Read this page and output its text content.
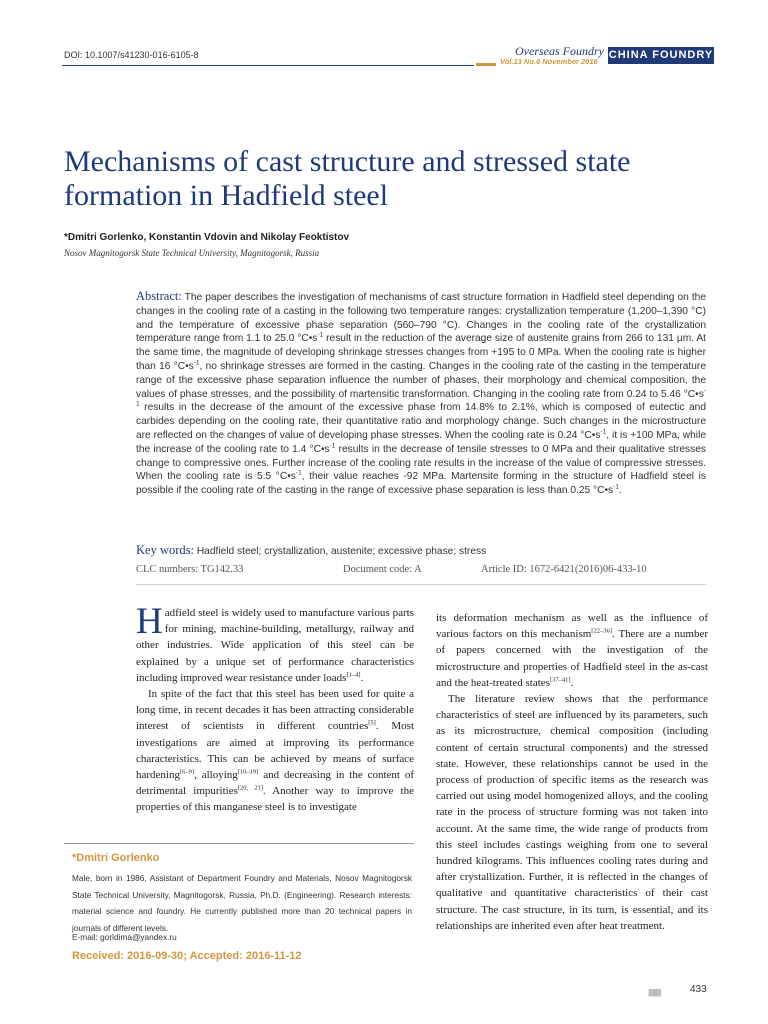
DOI: 10.1007/s41230-016-6105-8	Overseas Foundry
Vol.13 No.6 November 2016
CHINA FOUNDRY
Mechanisms of cast structure and stressed state
formation in Hadfield steel
*Dmitri Gorlenko, Konstantin Vdovin and Nikolay Feoktistov
Nosov Magnitogorsk State Technical University, Magnitogorsk, Russia
Abstract: The paper describes the investigation of mechanisms of cast structure formation in Hadfield steel depending on the changes in the cooling rate of a casting in the following two temperature ranges: crystallization temperature (1,200–1,390 °C) and the temperature of excessive phase separation (560–790 °C). Changes in the cooling rate of the crystallization temperature range from 1.1 to 25.0 $^\circ C•s^{-1}$ result in the reduction of the average size of austenite grains from 266 to 131 μm. At the same time, the magnitude of developing shrinkage stresses changes from +195 to 0 MPa. When the cooling rate is higher than 16 $^\circ C•s^{-1}$, no shrinkage stresses are formed in the casting. Changes in the cooling rate of the casting in the temperature range of the excessive phase separation influence the number of phases, their morphology and chemical composition, the values of phase stresses, and the possibility of martensitic transformation. Changing in the cooling rate from 0.24 to 5.46 $^\circ C•s^{-1}$ results in the decrease of the amount of the excessive phase from 14.8% to 2.1%, which is composed of eutectic and carbides depending on the cooling rate, their quantitative ratio and morphology change. Such changes in the microstructure are reflected on the changes of value of developing phase stresses. When the cooling rate is 0.24 $^\circ C•s^{-1}$, it is +100 MPa, while the increase of the cooling rate to 1.4 $^\circ C•s^{-1}$ results in the decrease of tensile stresses to 0 MPa and their qualitative stresses change to compressive ones. Further increase of the cooling rate results in the increase of the value of compressive stresses. When the cooling rate is 5.5 $^\circ C•s^{-1}$, their value reaches -92 MPa. Martensite forming in the structure of Hadfield steel is possible if the cooling rate of the casting in the range of excessive phase separation is less than 0.25 $^\circ C•s^{-1}$.
Key words: Hadfield steel; crystallization, austenite; excessive phase; stress
CLC numbers: TG142.33	Document code: A	Article ID: 1672-6421(2016)06-433-10

Hadfield steel is widely used to manufacture various parts for mining, machine-building, metallurgy, railway and other industries. Wide application of this steel can be explained by a unique set of performance characteristics including improved wear resistance under loads[1–4].

In spite of the fact that this steel has been used for quite a long time, in recent decades it has been attracting considerable interest of scientists in different countries[5]. Most investigations are aimed at improving its performance characteristics. This can be achieved by means of surface hardening[6–9], alloying[10–19] and decreasing in the content of detrimental impurities[20, 21]. Another way to improve the properties of this manganese steel is to investigate

its deformation mechanism as well as the influence of various factors on this mechanism[22–36]. There are a number of papers concerned with the investigation of the microstructure and properties of Hadfield steel in the as-cast and the heat-treated states[37–41].

The literature review shows that the performance characteristics of steel are influenced by its parameters, such as its microstructure, chemical composition (including content of certain structural components) and the stressed state. However, these relationships cannot be used in the process of production of specific items as the research was carried out using model homogenized alloys, and the cooling rate in the process of structure forming was not taken into account. At the same time, the wide range of products from this steel includes castings weighing from one to several hundred kilograms. This influences cooling rates during and after crystallization. Further, it is reflected in the changes of qualitative and quantitative characteristics of their cast structure. The cast structure, in its turn, is essential, and its relationships are inherited even after heat treatment.

*Dmitri Gorlenko
Male, born in 1986, Assistant of Department Foundry and Materials, Nosov Magnitogorsk State Technical University, Magnitogorsk, Russia, Ph.D. (Engineering). Research interests: material science and foundry. He currently published more than 20 technical papers in journals of different levels.
E-mail: gorldima@yandex.ru
Received: 2016-09-30; Accepted: 2016-11-12
||||||||||||	433
